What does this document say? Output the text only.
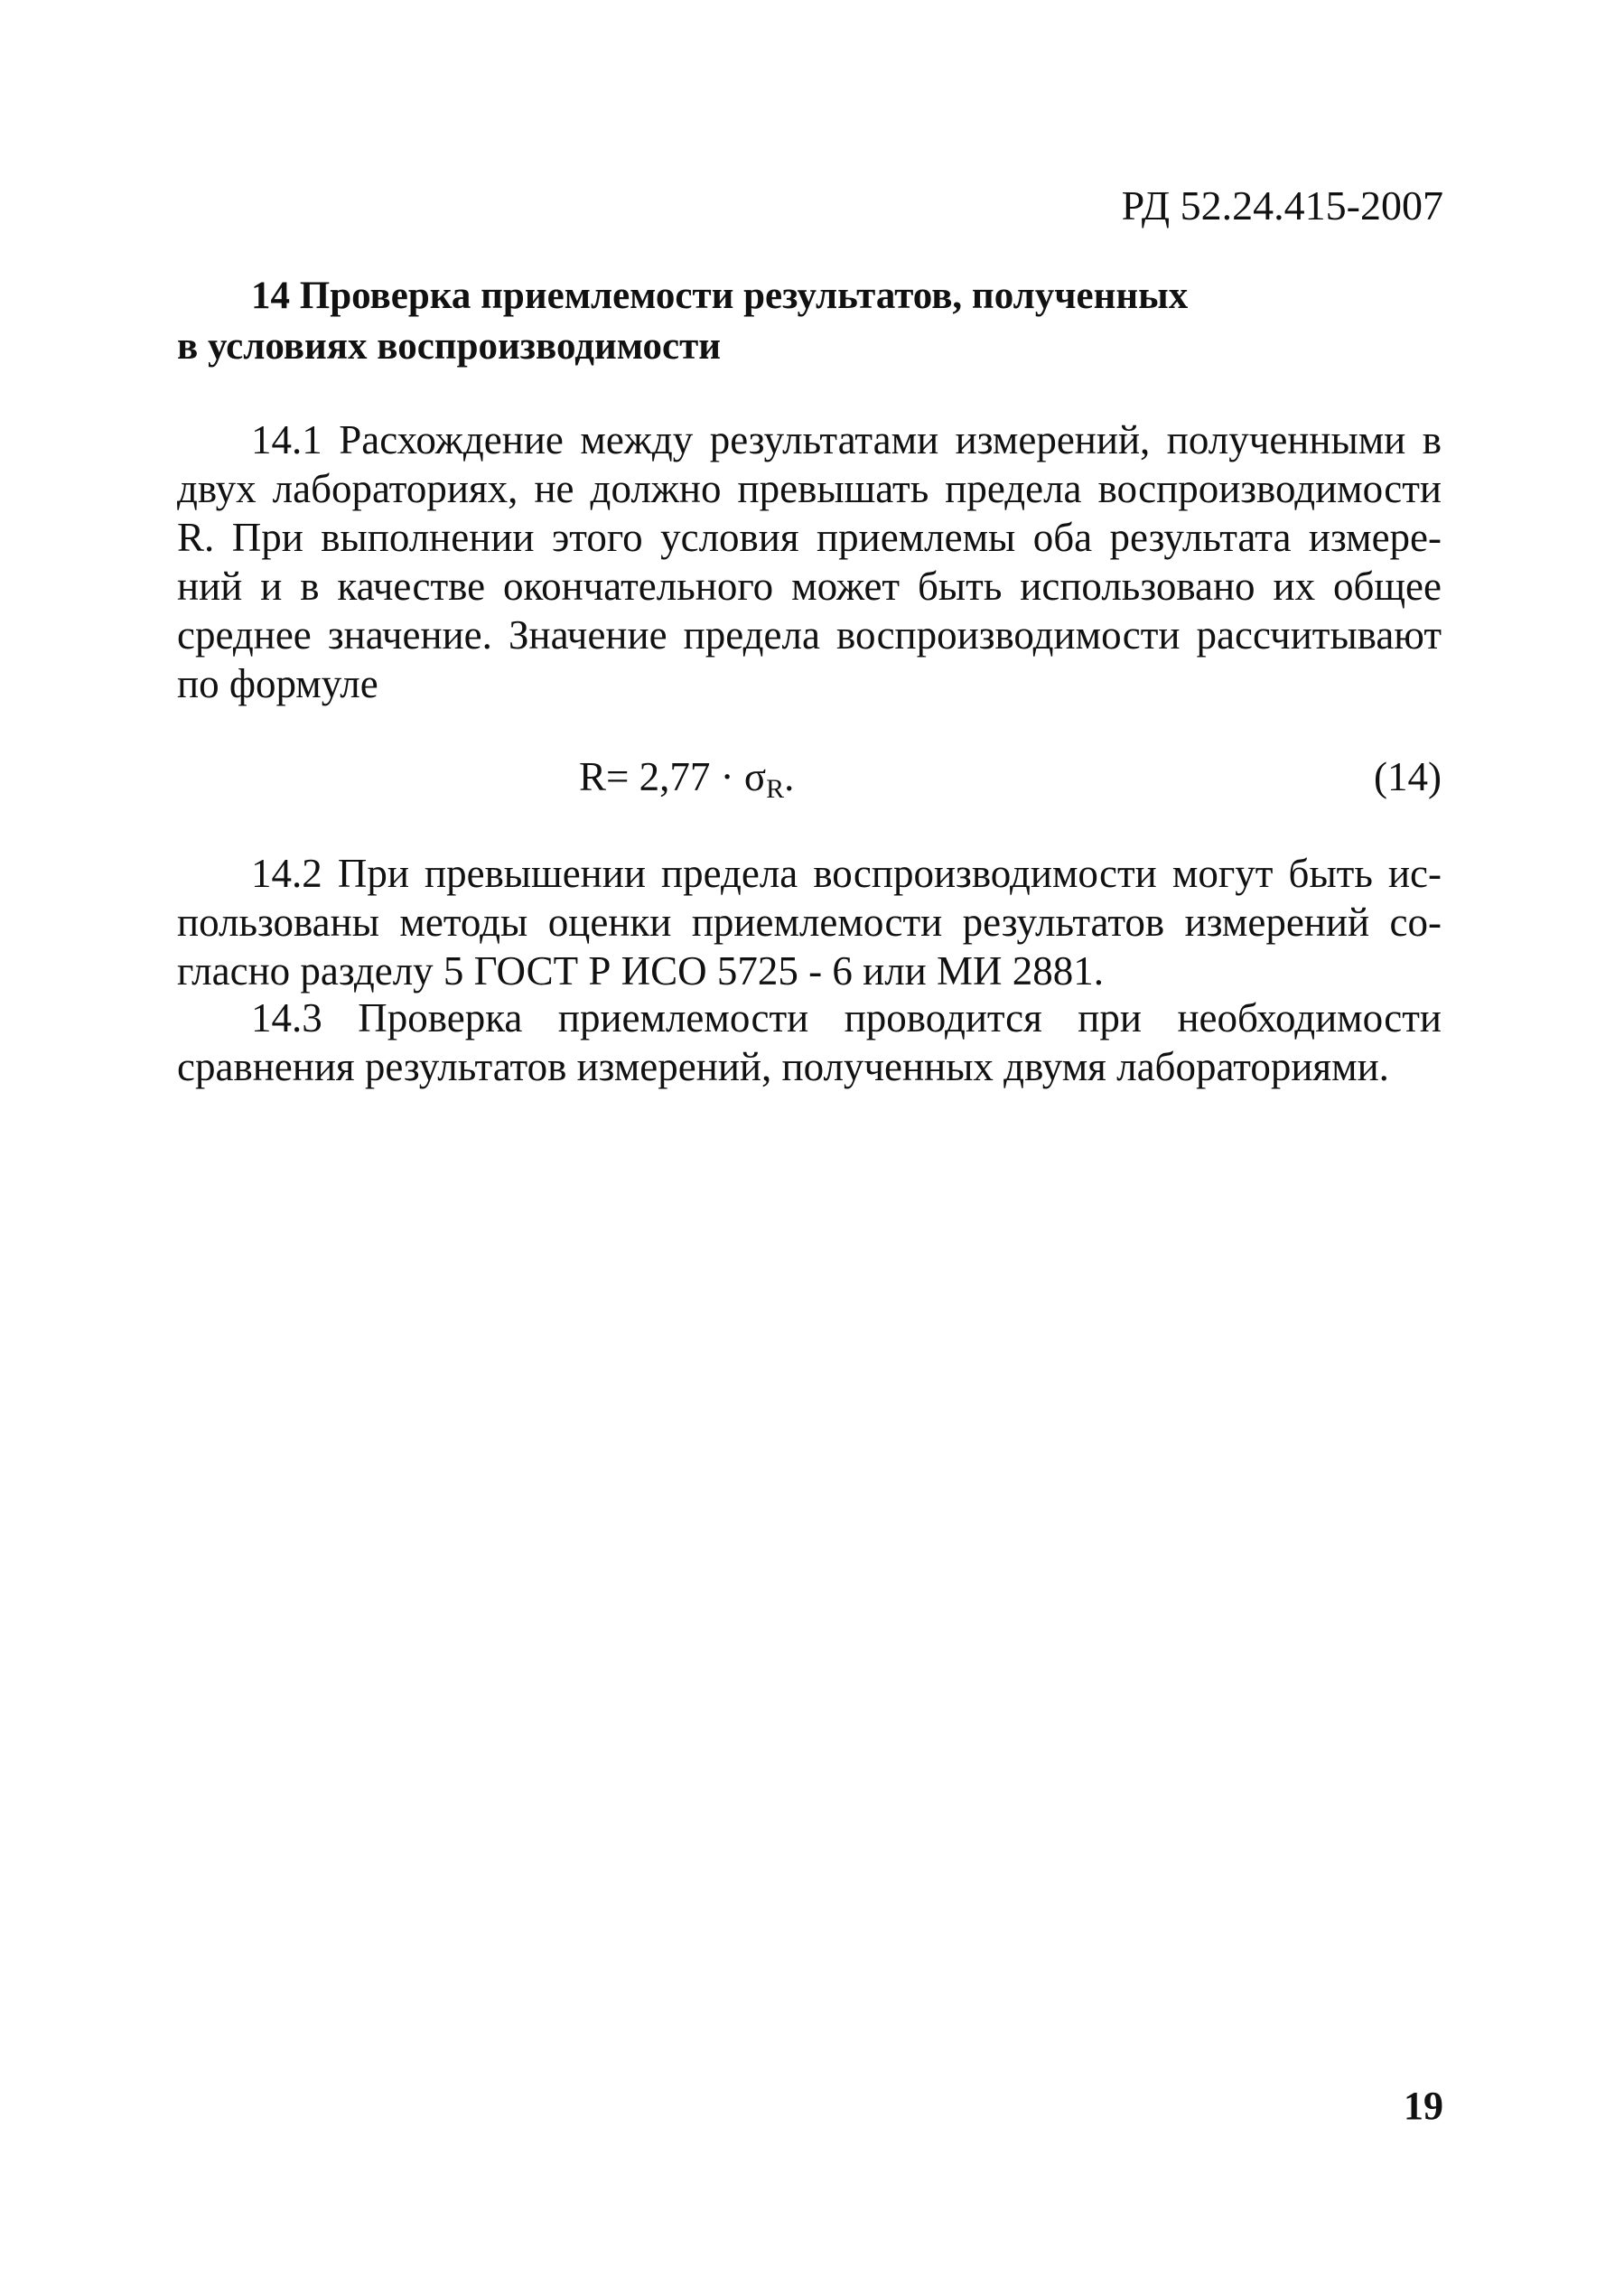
РД 52.24.415-2007
14 Проверка приемлемости результатов, полученных
в условиях воспроизводимости

14.1 Расхождение между результатами измерений, полученными в
двух лабораториях, не должно превышать предела воспроизводимости
R. При выполнении этого условия приемлемы оба результата измере-
ний и в качестве окончательного может быть использовано их общее
среднее значение. Значение предела воспроизводимости рассчитывают
по формуле

$R= 2,77 \cdot \sigma_R$.	(14)

14.2 При превышении предела воспроизводимости могут быть ис-
пользованы методы оценки приемлемости результатов измерений со-
гласно разделу 5 ГОСТ Р ИСО 5725 - 6 или МИ 2881.

14.3 Проверка приемлемости проводится при необходимости
сравнения результатов измерений, полученных двумя лабораториями.

19
